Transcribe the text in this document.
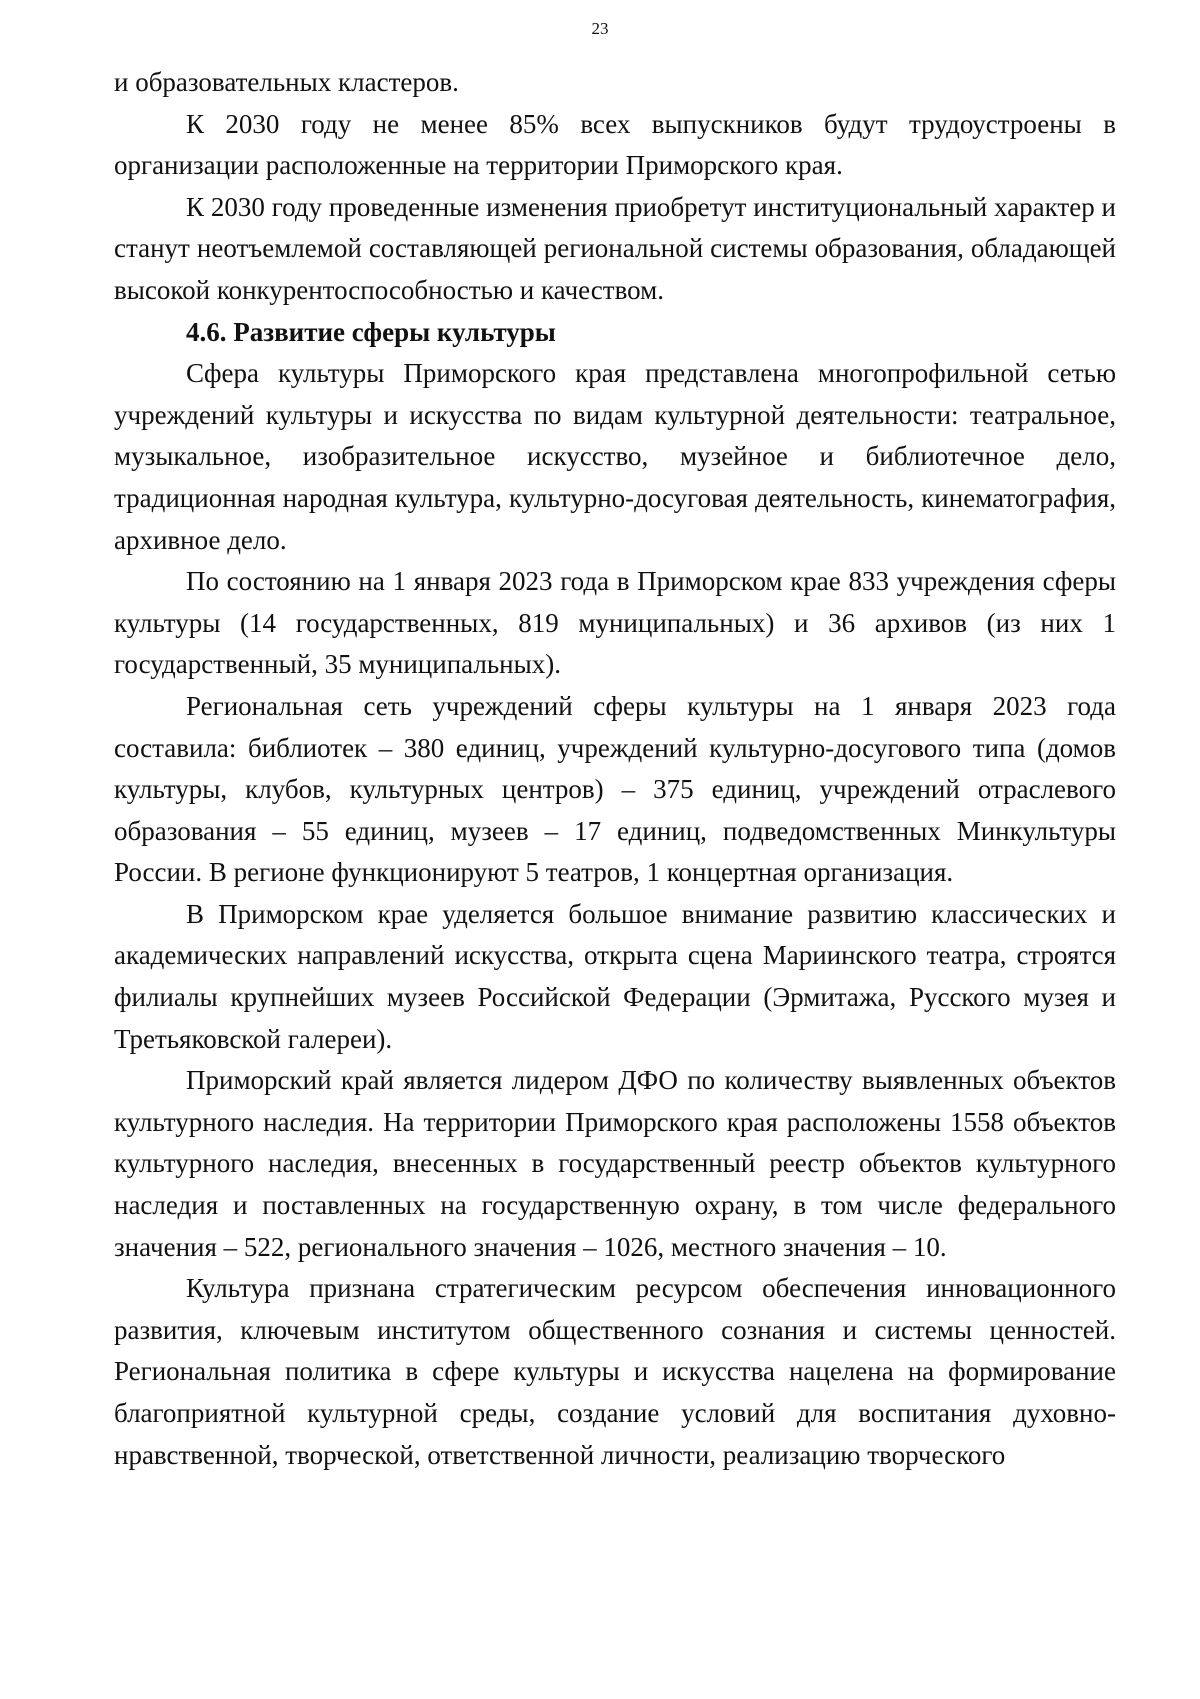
23

и образовательных кластеров.

К 2030 году не менее 85% всех выпускников будут трудоустроены в организации расположенные на территории Приморского края.

К 2030 году проведенные изменения приобретут институциональный характер и станут неотъемлемой составляющей региональной системы образования, обладающей высокой конкурентоспособностью и качеством.

4.6. Развитие сферы культуры

Сфера культуры Приморского края представлена многопрофильной сетью учреждений культуры и искусства по видам культурной деятельности: театральное, музыкальное, изобразительное искусство, музейное и библиотечное дело, традиционная народная культура, культурно-досуговая деятельность, кинематография, архивное дело.

По состоянию на 1 января 2023 года в Приморском крае 833 учреждения сферы культуры (14 государственных, 819 муниципальных) и 36 архивов (из них 1 государственный, 35 муниципальных).

Региональная сеть учреждений сферы культуры на 1 января 2023 года составила: библиотек – 380 единиц, учреждений культурно-досугового типа (домов культуры, клубов, культурных центров) – 375 единиц, учреждений отраслевого образования – 55 единиц, музеев – 17 единиц, подведомственных Минкультуры России. В регионе функционируют 5 театров, 1 концертная организация.

В Приморском крае уделяется большое внимание развитию классических и академических направлений искусства, открыта сцена Мариинского театра, строятся филиалы крупнейших музеев Российской Федерации (Эрмитажа, Русского музея и Третьяковской галереи).

Приморский край является лидером ДФО по количеству выявленных объектов культурного наследия. На территории Приморского края расположены 1558 объектов культурного наследия, внесенных в государственный реестр объектов культурного наследия и поставленных на государственную охрану, в том числе федерального значения – 522, регионального значения – 1026, местного значения – 10.

Культура признана стратегическим ресурсом обеспечения инновационного развития, ключевым институтом общественного сознания и системы ценностей. Региональная политика в сфере культуры и искусства нацелена на формирование благоприятной культурной среды, создание условий для воспитания духовно-нравственной, творческой, ответственной личности, реализацию творческого
